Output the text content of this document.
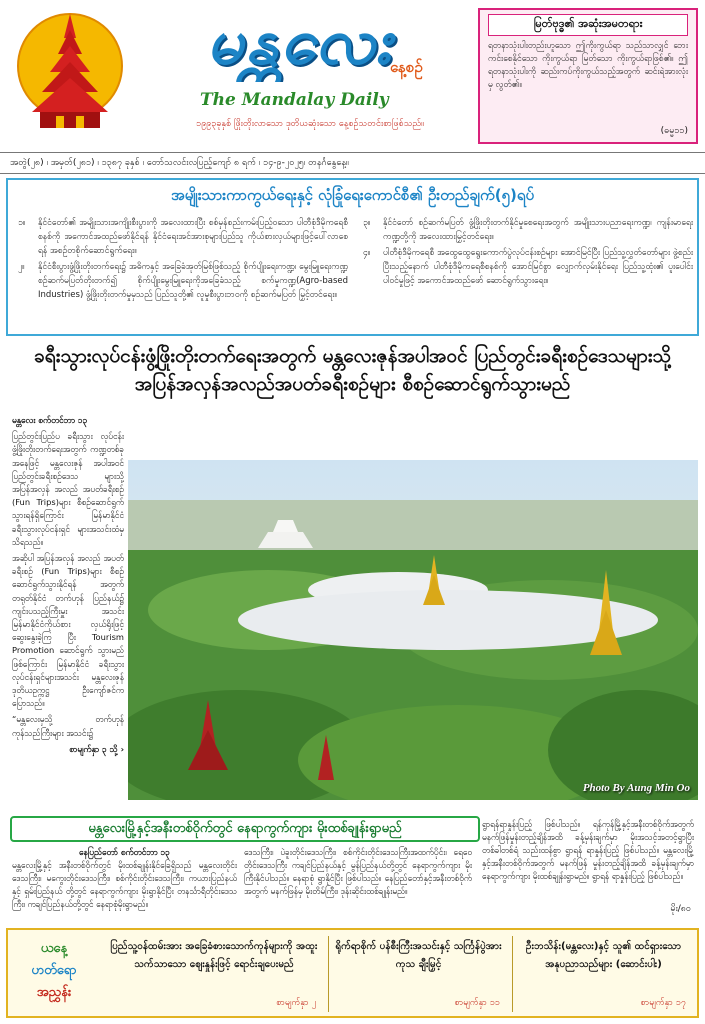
မန္တလေး
နေ့စဉ်
The Mandalay Daily
၁၉၉၃ခုနှစ် ဖြိုးတိုးလာသော ဒုတိယဆုံးသော နေ့စဉ်သတင်းစာဖြစ်သည်။
မြတ်ဗုဒ္ဓ၏ အဆုံးအမတရား
ရတနာသုံးပါးတည်းဟူသော ဤကိုးကွယ်ရာ သည်သာလျှင် ဘေးကင်းစေနိုင်သော ကိုးကွယ်ရာ မြတ်သော ကိုးကွယ်ရာဖြစ်၏။ ဤရတနာသုံးပါးကို ဆည်းကပ်ကိုးကွယ်သည့်အတွက် ဆင်းရဲအားလုံးမှ လွတ်၏။
(ဓမ္မ၁၁)
အတွဲ(၂၈) ၊ အမှတ်(၂၈၁) ၊ ၁၃၈၇ ခုနှစ် ၊ တော်သလင်းလပြည့်ကျော် ၈ ရက် ၊ ၁၄-၉-၂၀၂၅၊ တနင်္ဂနွေနေ့။
အမျိုးသားကာကွယ်ရေးနှင့် လုံခြုံရေးကောင်စီ၏ ဦးတည်ချက်(၅)ရပ်
၁။	နိုင်ငံတော်၏ အမျိုးသားအကျိုးစီးပွားကို အလေးထားပြီး စစ်မှန်စည်းကမ်းပြည့်ဝသော ပါတီစုံဒီမိုကရေစီစနစ်ကို အကောင်အထည်ဖော်နိုင်ရန် နိုင်ငံရေးအင်အားစုများပြည်သူ ကိုယ်စားလှယ်များဖြင့်ပေါ်လာစေရန် အစဉ်တစိုက်ဆောင်ရွက်ရေး။
၂။	နိုင်ငံစီးပွားဖွံ့ဖြိုးတိုးတက်ရေး၌ အဓိကနှင့် အခြေခံအုတ်မြစ်ဖြစ်သည့် စိုက်ပျိုးရေးကဏ္ဍ၊ မွေးမြူရေးကဏ္ဍ စဉ်ဆက်မပြတ်တိုးတက်၍ စိုက်ပျိုးမွေးမြူရေးကိုအခြေခံသည့် စက်မှုကဏ္ဍ(Agro-based Industries) ဖွံ့ဖြိုးတိုးတက်မှုမှသည် ပြည်သူတို့၏ လူမှုစီးပွားဘဝကို စဉ်ဆက်မပြတ် မြှင့်တင်ရေး။
၃။	နိုင်ငံတော် စဉ်ဆက်မပြတ် ဖွံ့ဖြိုးတိုးတက်နိုင်မှုစေရေးအတွက် အမျိုးသားပညာရေးကဏ္ဍ၊ ကျန်းမာရေးကဏ္ဍတို့ကို အလေးထားမြှင့်တင်ရေး။
၄။	ပါတီစုံဒီမိုကရေစီ အထွေထွေရွေးကောက်ပွဲလုပ်ငန်းစဉ်များ အောင်မြင်ပြီး ပြည်သူ့လွှတ်တော်များ ဖွဲ့စည်းပြီးသည့်နောက် ပါတီစုံဒီမိုကရေစီစနစ်ကို အောင်မြင်စွာ လျှောက်လှမ်းနိုင်ရေး ပြည်သူ့ထုံး၏ ပူးပေါင်းပါဝင်မှုဖြင့် အကောင်အထည်ဖော် ဆောင်ရွက်သွားရေး။
ခရီးသွားလုပ်ငန်းဖွံ့ဖြိုးတိုးတက်ရေးအတွက် မန္တလေးဇုန်အပါအဝင် ပြည်တွင်းခရီးစဉ်ဒေသများသို့
အပြန်အလှန်အလည်အပတ်ခရီးစဉ်များ စီစဉ်ဆောင်ရွက်သွားမည်

မန္တလေး စက်တင်ဘာ ၁၃

ပြည်တွင်းပြည်ပ ခရီးသွား လုပ်ငန်းဖွံ့ဖြိုးတိုးတက်ရေးအတွက် ကဏ္ဍတစ်ခုအနေဖြင့် မန္တလေးဇုန် အပါအဝင် ပြည်တွင်းခရီးစဉ်ဒေသ များသို့ အပြန်အလှန် အလည် အပတ်ခရီးစဉ် (Fun Trips)များ စီစဉ်ဆောင်ရွက်သွားရန်ရှိကြောင်း မြန်မာနိုင်ငံ ခရီးသွားလုပ်ငန်းရှင် များအသင်းထံမှ သိရသည်။

အဆိုပါ အပြန်အလှန် အလည် အပတ်ခရီးစဉ် (Fun Trips)များ စီစဉ် ဆောင်ရွက်သွားနိုင်ရန် အတွက် တရုတ်နိုင်ငံ တက်ဟုန် ပြည်နယ်၌ ကျင်းပသည့်ကြီးမှူး အသင်း မြန်မာနိုင်ငံကိုယ်စား လှယ်ရိုးဖြင့် ဆွေးနွေးခဲ့ကြ ပြီး Tourism Promotion ဆောင်ရွက် သွားမည်ဖြစ်ကြောင်း မြန်မာနိုင်ငံ ခရီးသွားလုပ်ငန်းရှင်များအသင်း မန္တလေးဇုန် ဒုတိယဥက္ကဋ္ဌ ဦးကျော်ဇင်က ပြောသည်။

“မန္တလေးမှသို့ တက်ဟုန် ကုန်သည်ကြီးများ အသင်း၌

စာမျက်နှာ ၃ သို့ ›

Photo By Aung Min Oo
မန္တလေးမြို့နှင့်အနီးတစ်ဝိုက်တွင် နေရာကွက်ကျား မိုးထစ်ချုန်းရွာမည်

နေပြည်တော် စက်တင်ဘာ ၁၃

မန္တလေးမြို့နှင့် အနီးတစ်ဝိုက်တွင် မိုးထစ်ချုန်းနိုင်ခြေရှိသည် မန္တလေးတိုင်း ဒေသကြီး၊ မကွေးတိုင်းဒေသကြီး၊ စစ်ကိုင်းတိုင်းဒေသကြီး၊ ကယားပြည်နယ်နှင့် ရှမ်းပြည်နယ် တို့တွင် နေရာကွက်ကျား မိုးရွာနိုင်ပြီး တနင်္သာရီတိုင်းဒေသကြီး၊ ကချင်ပြည်နယ်တို့တွင် နေရာစုံမိုးရွာမည်။

ဒေသကြီး၊ ပဲခူးတိုင်းဒေသကြီး၊ စစ်ကိုင်းတိုင်းဒေသကြီးအထက်ပိုင်း၊ ရေဝေတိုင်းဒေသကြီး ကချင်ပြည်နယ်နှင့် မွန်ပြည်နယ်တို့တွင် နေရာကွက်ကျား မိုးကြီးနိုင်ပါသည်။ နေရာစုံ ရွာနိုင်ပြီး ဖြစ်ပါသည်။ နေပြည်တော်နှင့်အနီးတစ်ဝိုက်အတွက် မနက်ဖြန်မှ မိုးတိမ်ကြီး၊ ဒုန်းဆိုင်းထစ်ချုန်းမည်။
ရွာရန်ရာနှုန်းပြည့် ဖြစ်ပါသည်။ ရန်ကုန်မြို့နှင့်အနီးတစ်ဝိုက်အတွက် မနက်ဖြန်မှုန်းတည့်ချိန်အထိ ခန့်မှန်းချက်မှာ မိုးအသင့်အတင့်ရွာပြီး တစ်ခါတစ်ရံ သည်းထန်စွာ ရွာရန် ရာနှုန်းပြည့် ဖြစ်ပါသည်။ မန္တလေးမြို့နှင့်အနီးတစ်ဝိုက်အတွက် မနက်ဖြန် မှုန်းတည့်ချိန်အထိ ခန့်မှန်းချက်မှာ နေရာကွက်ကျား မိုးထစ်ချုန်းရွာမည်။ ရွာရန် ရာနှုန်းပြည့် ဖြစ်ပါသည်။
မိုး/၈၀
ယနေ့
ဟတ်ရော
အညွှန်း
ပြည်သူ့ဝန်ထမ်းအား အခြေခံစားသောက်ကုန်များကို အထူးသက်သာသော ဈေးနှုန်းဖြင့် ရောင်းချပေးမည်
စာမျက်နှာ ၂
ရိုက်ရာစိုက် ပန်စီးကြီးအသင်းနှင့် သင်္ကြန်ပွဲအားကုသ ချီးမြှင့်
စာမျက်နှာ ၁၁
ဦးဘသိန်း(မန္တလေး)နှင့် သူ၏ ထင်ရှားသော အနုပညာသည်များ (ဆောင်းပါး)
စာမျက်နှာ ၁၇
